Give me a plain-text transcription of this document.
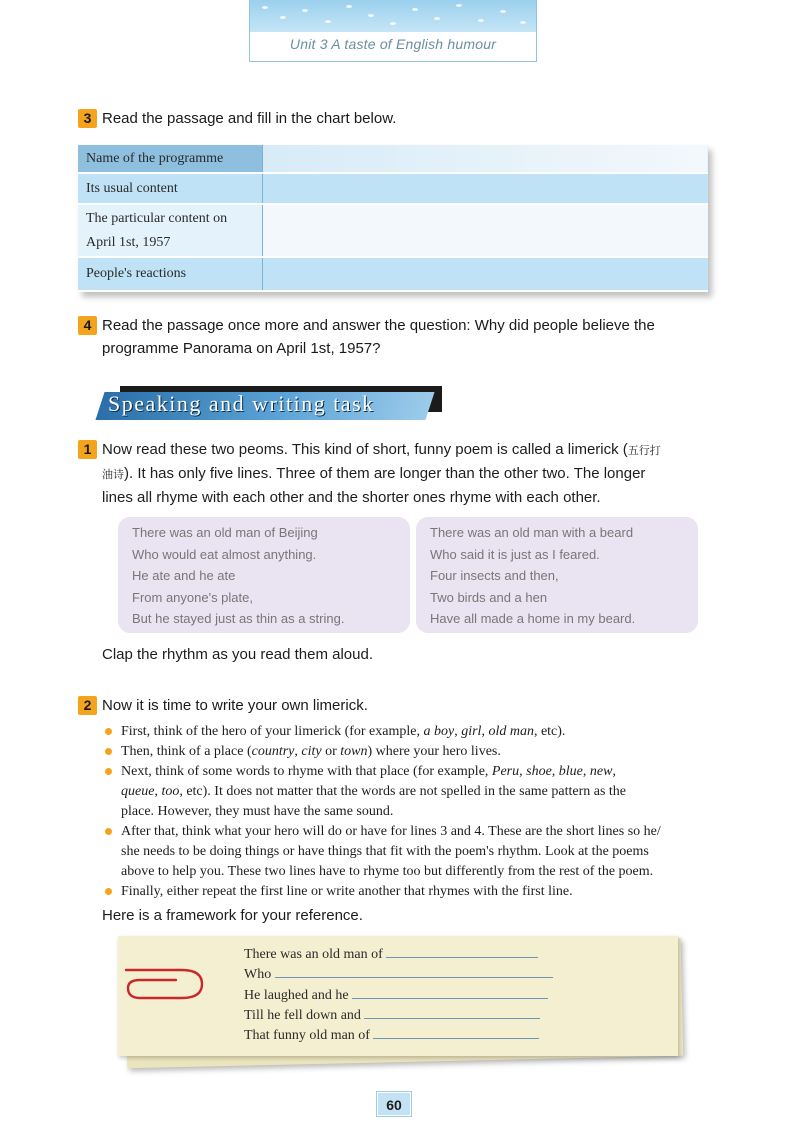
Unit 3 A taste of English humour
3 Read the passage and fill in the chart below.
Name of the programme	
Its usual content	

The particular content on
April 1st, 1957	

People's reactions	
4 Read the passage once more and answer the question: Why did people believe the
programme Panorama on April 1st, 1957?
Speaking and writing task
1 Now read these two peoms. This kind of short, funny poem is called a limerick (五行打
油诗). It has only five lines. Three of them are longer than the other two. The longer
lines all rhyme with each other and the shorter ones rhyme with each other.

There was an old man of Beijing
Who would eat almost anything.
He ate and he ate
From anyone's plate,
But he stayed just as thin as a string.
There was an old man with a beard
Who said it is just as I feared.
Four insects and then,
Two birds and a hen
Have all made a home in my beard.
Clap the rhythm as you read them aloud.
2 Now it is time to write your own limerick.
First, think of the hero of your limerick (for example, a boy, girl, old man, etc).
Then, think of a place (country, city or town) where your hero lives.
Next, think of some words to rhyme with that place (for example, Peru, shoe, blue, new,
queue, too, etc). It does not matter that the words are not spelled in the same pattern as the
place. However, they must have the same sound.
After that, think what your hero will do or have for lines 3 and 4. These are the short lines so he/
she needs to be doing things or have things that fit with the poem's rhythm. Look at the poems
above to help you. These two lines have to rhyme too but differently from the rest of the poem.
Finally, either repeat the first line or write another that rhymes with the first line.
Here is a framework for your reference.
There was an old man of
Who
He laughed and he
Till he fell down and
That funny old man of
60
